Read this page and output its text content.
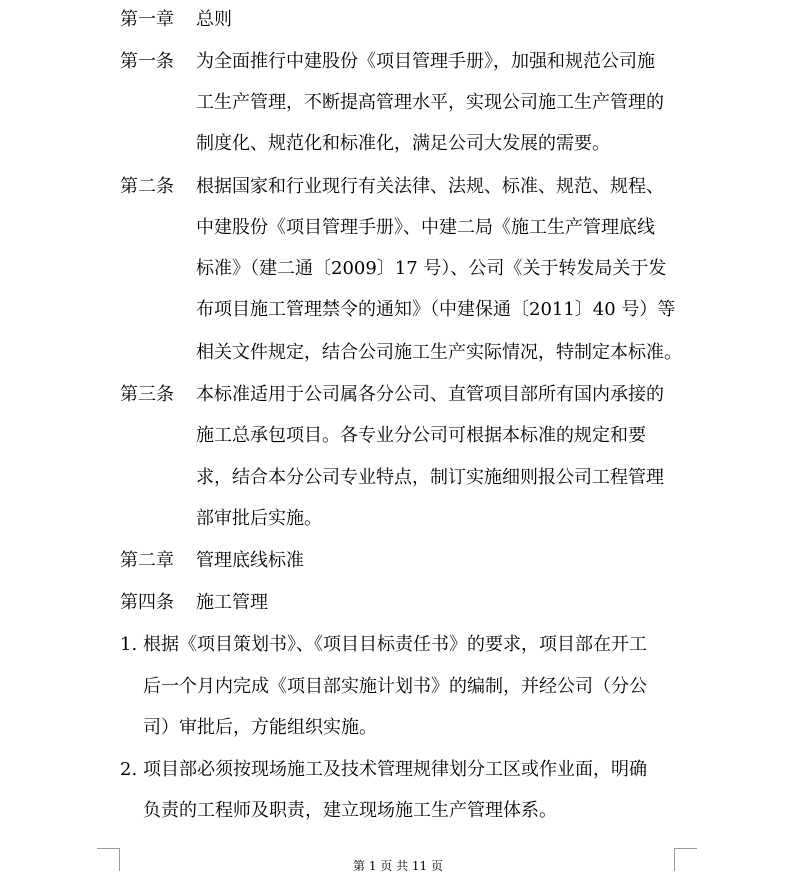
第一章 总则
第一条 为全面推行中建股份《项目管理手册》，加强和规范公司施
工生产管理，不断提高管理水平，实现公司施工生产管理的
制度化、规范化和标准化，满足公司大发展的需要。
第二条 根据国家和行业现行有关法律、法规、标准、规范、规程、
中建股份《项目管理手册》、中建二局《施工生产管理底线
标准》（建二通〔2009〕17 号）、公司《关于转发局关于发
布项目施工管理禁令的通知》（中建保通〔2011〕40 号）等
相关文件规定，结合公司施工生产实际情况，特制定本标准。
第三条 本标准适用于公司属各分公司、直管项目部所有国内承接的
施工总承包项目。各专业分公司可根据本标准的规定和要
求，结合本分公司专业特点，制订实施细则报公司工程管理
部审批后实施。
第二章 管理底线标准
第四条 施工管理
1. 根据《项目策划书》、《项目目标责任书》的要求，项目部在开工
后一个月内完成《项目部实施计划书》的编制，并经公司（分公
司）审批后，方能组织实施。
2. 项目部必须按现场施工及技术管理规律划分工区或作业面，明确
负责的工程师及职责，建立现场施工生产管理体系。
第 1 页 共 11 页
